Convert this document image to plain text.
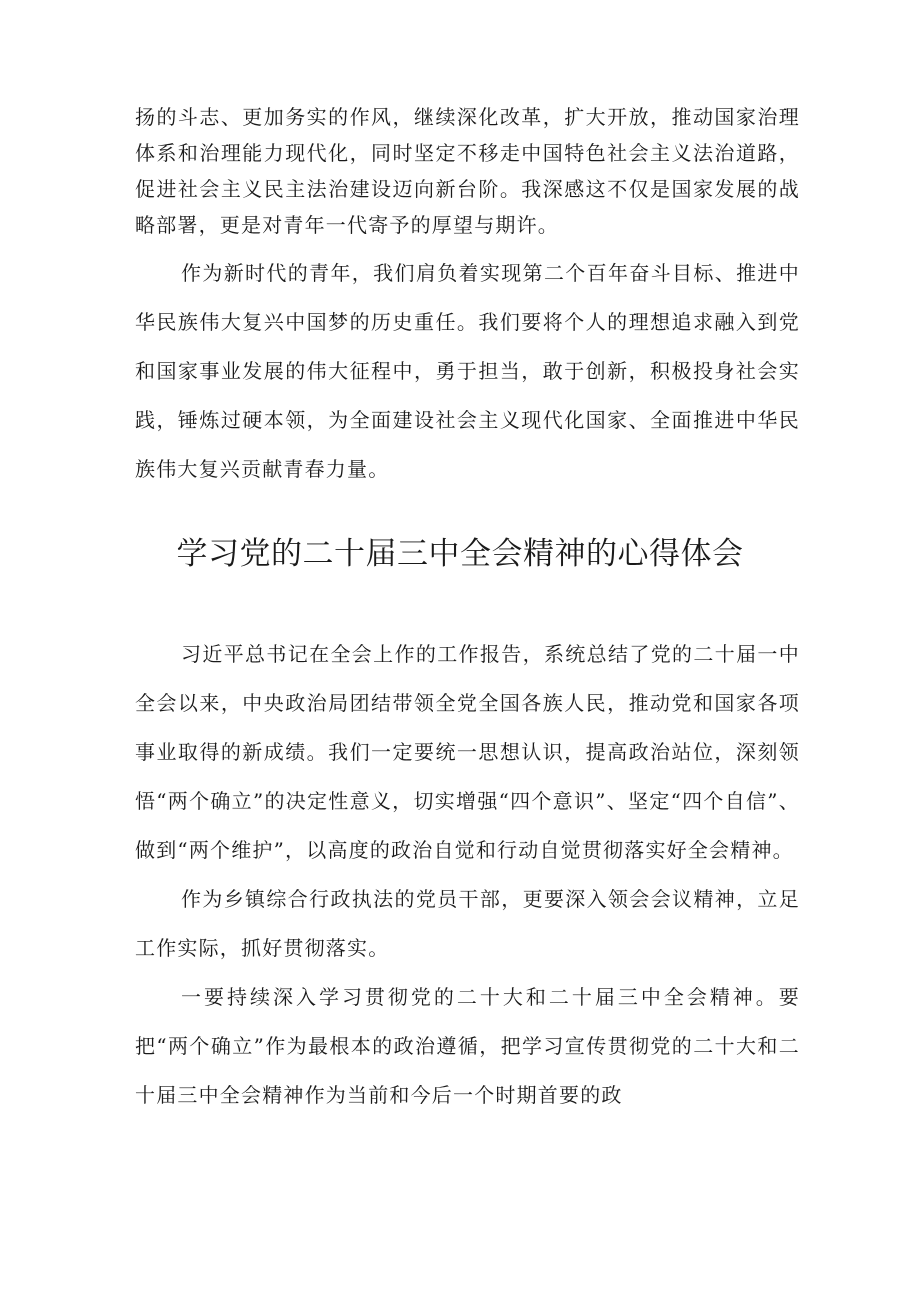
扬的斗志、更加务实的作风，继续深化改革，扩大开放，推动国家治理体系和治理能力现代化，同时坚定不移走中国特色社会主义法治道路，促进社会主义民主法治建设迈向新台阶。我深感这不仅是国家发展的战略部署，更是对青年一代寄予的厚望与期许。

作为新时代的青年，我们肩负着实现第二个百年奋斗目标、推进中华民族伟大复兴中国梦的历史重任。我们要将个人的理想追求融入到党和国家事业发展的伟大征程中，勇于担当，敢于创新，积极投身社会实践，锤炼过硬本领，为全面建设社会主义现代化国家、全面推进中华民族伟大复兴贡献青春力量。

学习党的二十届三中全会精神的心得体会

习近平总书记在全会上作的工作报告，系统总结了党的二十届一中全会以来，中央政治局团结带领全党全国各族人民，推动党和国家各项事业取得的新成绩。我们一定要统一思想认识，提高政治站位，深刻领悟“两个确立”的决定性意义，切实增强“四个意识”、坚定“四个自信”、做到“两个维护”，以高度的政治自觉和行动自觉贯彻落实好全会精神。

作为乡镇综合行政执法的党员干部，更要深入领会会议精神，立足工作实际，抓好贯彻落实。

一要持续深入学习贯彻党的二十大和二十届三中全会精神。要把“两个确立”作为最根本的政治遵循，把学习宣传贯彻党的二十大和二十届三中全会精神作为当前和今后一个时期首要的政
